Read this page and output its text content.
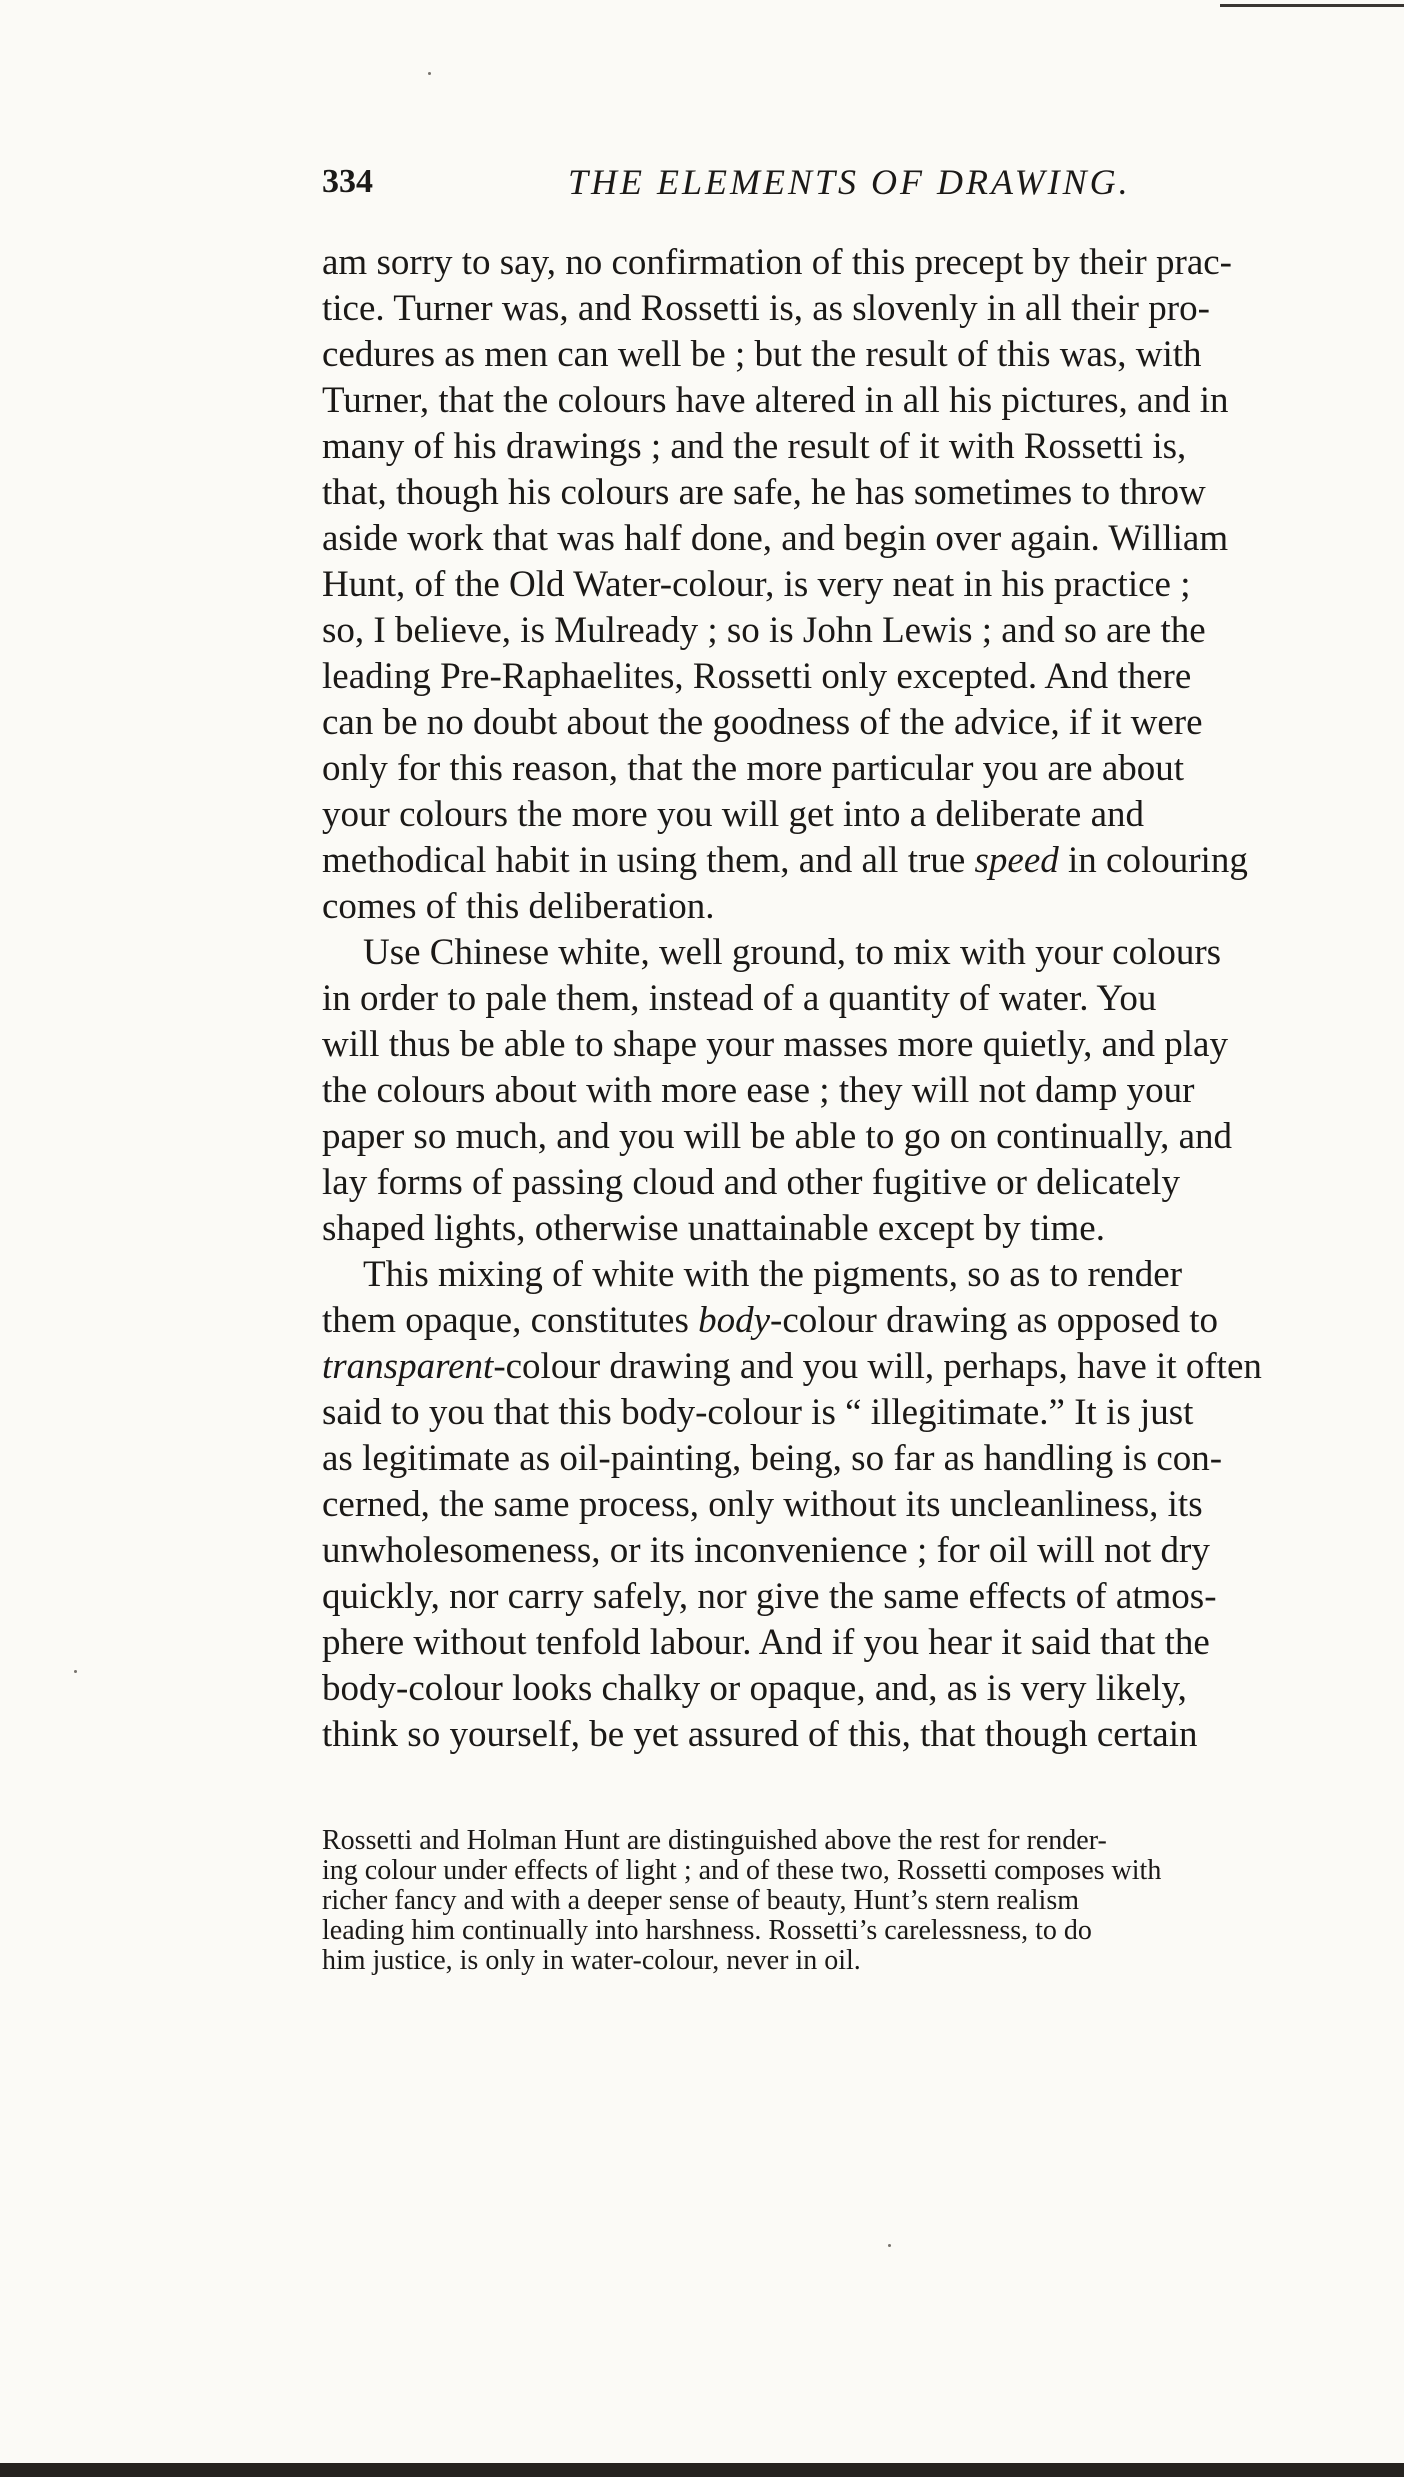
334	THE ELEMENTS OF DRAWING.
am sorry to say, no confirmation of this precept by their prac-
tice. Turner was, and Rossetti is, as slovenly in all their pro-
cedures as men can well be ; but the result of this was, with
Turner, that the colours have altered in all his pictures, and in
many of his drawings ; and the result of it with Rossetti is,
that, though his colours are safe, he has sometimes to throw
aside work that was half done, and begin over again. William
Hunt, of the Old Water-colour, is very neat in his practice ;
so, I believe, is Mulready ; so is John Lewis ; and so are the
leading Pre-Raphaelites, Rossetti only excepted. And there
can be no doubt about the goodness of the advice, if it were
only for this reason, that the more particular you are about
your colours the more you will get into a deliberate and
methodical habit in using them, and all true speed in colouring
comes of this deliberation.
Use Chinese white, well ground, to mix with your colours
in order to pale them, instead of a quantity of water. You
will thus be able to shape your masses more quietly, and play
the colours about with more ease ; they will not damp your
paper so much, and you will be able to go on continually, and
lay forms of passing cloud and other fugitive or delicately
shaped lights, otherwise unattainable except by time.
This mixing of white with the pigments, so as to render
them opaque, constitutes body-colour drawing as opposed to
transparent-colour drawing and you will, perhaps, have it often
said to you that this body-colour is “ illegitimate.” It is just
as legitimate as oil-painting, being, so far as handling is con-
cerned, the same process, only without its uncleanliness, its
unwholesomeness, or its inconvenience ; for oil will not dry
quickly, nor carry safely, nor give the same effects of atmos-
phere without tenfold labour. And if you hear it said that the
body-colour looks chalky or opaque, and, as is very likely,
think so yourself, be yet assured of this, that though certain
Rossetti and Holman Hunt are distinguished above the rest for render-
ing colour under effects of light ; and of these two, Rossetti composes with
richer fancy and with a deeper sense of beauty, Hunt’s stern realism
leading him continually into harshness. Rossetti’s carelessness, to do
him justice, is only in water-colour, never in oil.
